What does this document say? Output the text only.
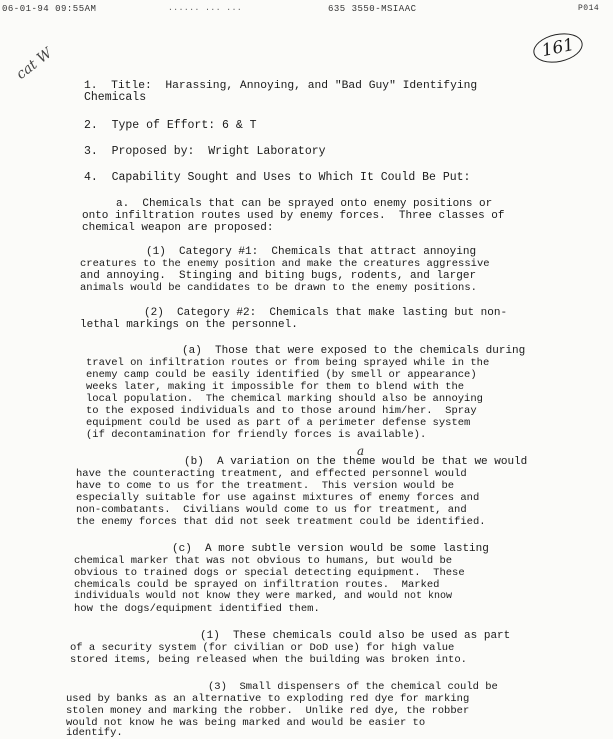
06-01-94 09:55AM	...... ... ...	635 3550-MSIAAC	P014
161
cat W
a
1.  Title:  Harassing, Annoying, and "Bad Guy" Identifying
Chemicals
2.  Type of Effort: 6 & T
3.  Proposed by:  Wright Laboratory
4.  Capability Sought and Uses to Which It Could Be Put:
a.  Chemicals that can be sprayed onto enemy positions or
onto infiltration routes used by enemy forces.  Three classes of
chemical weapon are proposed:
(1)  Category #1:  Chemicals that attract annoying
creatures to the enemy position and make the creatures aggressive
and annoying.  Stinging and biting bugs, rodents, and larger
animals would be candidates to be drawn to the enemy positions.
(2)  Category #2:  Chemicals that make lasting but non-
lethal markings on the personnel.
(a)  Those that were exposed to the chemicals during
travel on infiltration routes or from being sprayed while in the
enemy camp could be easily identified (by smell or appearance)
weeks later, making it impossible for them to blend with the
local population.  The chemical marking should also be annoying
to the exposed individuals and to those around him/her.  Spray
equipment could be used as part of a perimeter defense system
(if decontamination for friendly forces is available).
(b)  A variation on the theme would be that we would
have the counteracting treatment, and effected personnel would
have to come to us for the treatment.  This version would be
especially suitable for use against mixtures of enemy forces and
non-combatants.  Civilians would come to us for treatment, and
the enemy forces that did not seek treatment could be identified.
(c)  A more subtle version would be some lasting
chemical marker that was not obvious to humans, but would be
obvious to trained dogs or special detecting equipment.  These
chemicals could be sprayed on infiltration routes.  Marked
individuals would not know they were marked, and would not know
how the dogs/equipment identified them.
(1)  These chemicals could also be used as part
of a security system (for civilian or DoD use) for high value
stored items, being released when the building was broken into.
(3)  Small dispensers of the chemical could be
used by banks as an alternative to exploding red dye for marking
stolen money and marking the robber.  Unlike red dye, the robber
would not know he was being marked and would be easier to
identify.
